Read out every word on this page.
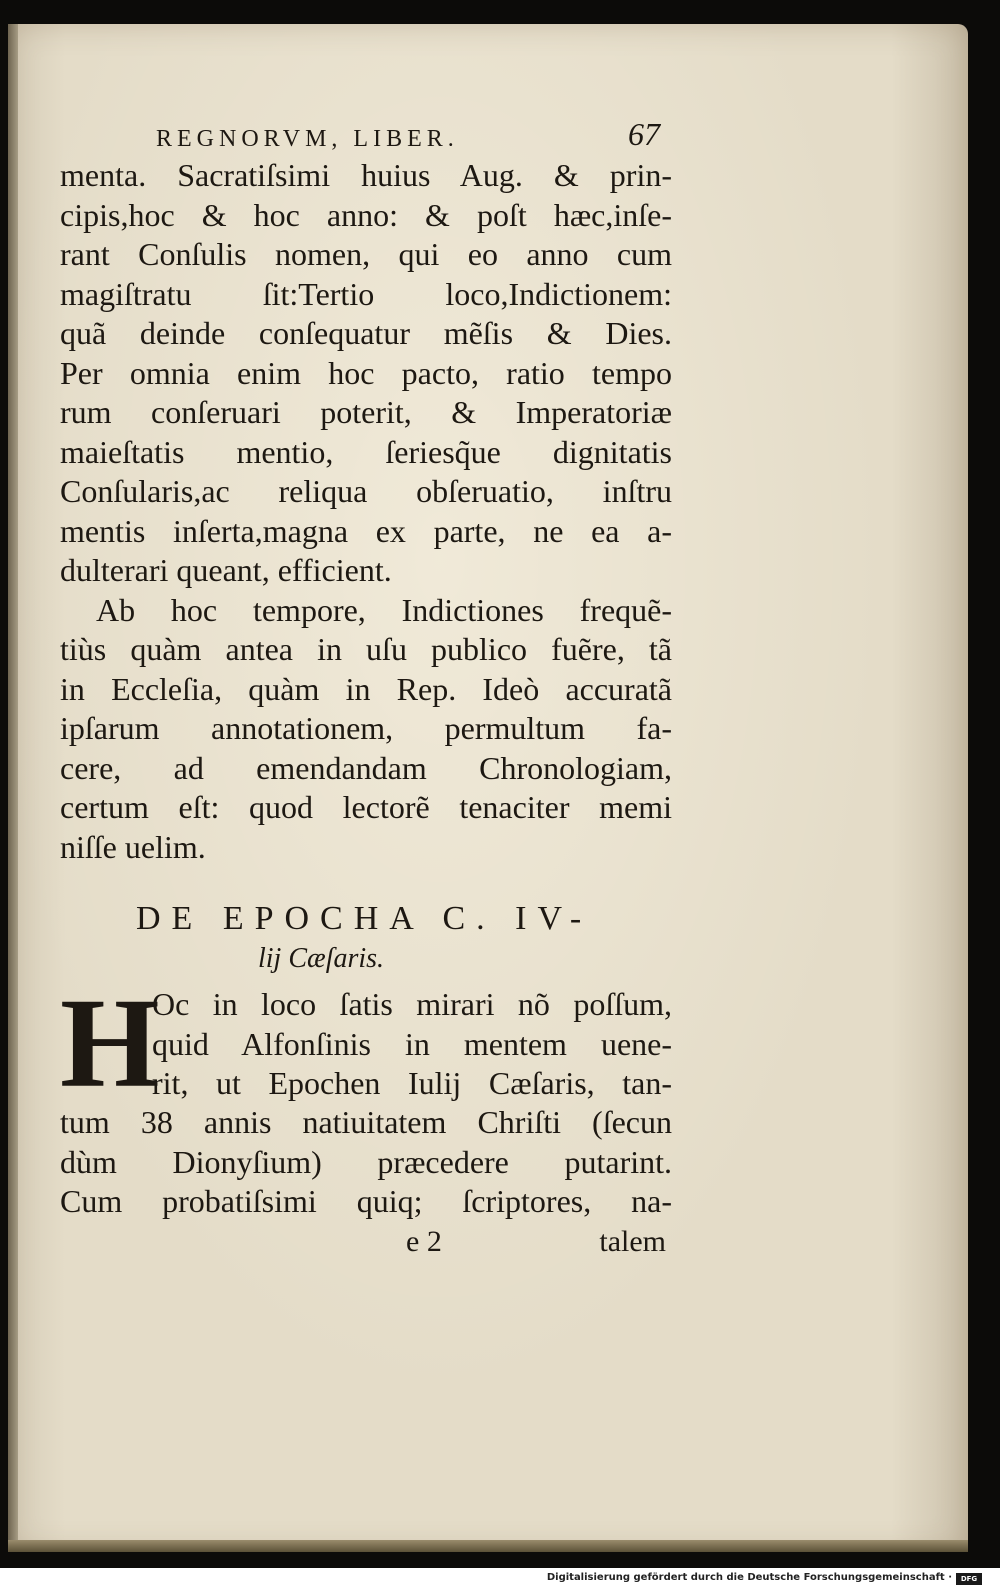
REGNORVM, LIBER.	67
menta. Sacratiſsimi huius Aug. & prin-
cipis,hoc & hoc anno: & poſt hæc,inſe-
rant Conſulis nomen, qui eo anno cum
magiſtratu ſit:Tertio loco,Indictionem:
quã deinde conſequatur mẽſis & Dies.
Per omnia enim hoc pacto, ratio tempo
rum conſeruari poterit, & Imperatoriæ
maieſtatis mentio, ſeriesq̃ue dignitatis
Conſularis,ac reliqua obſeruatio, inſtru
mentis inſerta,magna ex parte, ne ea a-
dulterari queant, efficient.
Ab hoc tempore, Indictiones frequẽ-
tiùs quàm antea in uſu publico fuẽre, tã
in Eccleſia, quàm in Rep. Ideò accuratã
ipſarum annotationem, permultum fa-
cere, ad emendandam Chronologiam,
certum eſt: quod lectorẽ tenaciter memi
niſſe uelim.
DE EPOCHA C. IV-
lij Cæſaris.
H
Oc in loco ſatis mirari nõ poſſum,
quid Alfonſinis in mentem uene-
rit, ut Epochen Iulij Cæſaris, tan-
tum 38 annis natiuitatem Chriſti (ſecun
dùm Dionyſium) præcedere putarint.
Cum probatiſsimi quiq; ſcriptores, na-
e 2	talem
Digitalisierung gefördert durch die Deutsche Forschungsgemeinschaft ·	DFG
